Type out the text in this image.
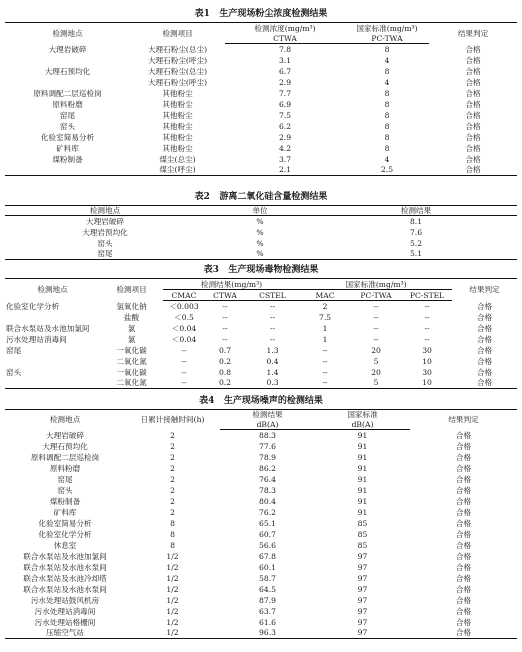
表1   生产现场粉尘浓度检测结果
检测地点	检测项目	检测浓度(mg/m³)	国家标准(mg/m³)	结果判定
		CTWA	PC-TWA	
大理岩破碎	大理石粉尘(总尘)	7.8	8	合格
	大理石粉尘(呼尘)	3.1	4	合格
大理石预均化	大理石粉尘(总尘)	6.7	8	合格
	大理石粉尘(呼尘)	2.9	4	合格
原料调配二层巡检岗	其他粉尘	7.7	8	合格
原料粉磨	其他粉尘	6.9	8	合格
窑尾	其他粉尘	7.5	8	合格
窑头	其他粉尘	6.2	8	合格
化验室简易分析	其他粉尘	2.9	8	合格
矿料库	其他粉尘	4.2	8	合格
煤粉制备	煤尘(总尘)	3.7	4	合格
	煤尘(呼尘)	2.1	2.5	合格
表2   游离二氧化硅含量检测结果
检测地点	单位	检测结果
大理岩破碎	%	8.1
大理岩预均化	%	7.6
窑头	%	5.2
窑尾	%	5.1
表3   生产现场毒物检测结果
检测地点	检测项目	检测结果(mg/m³)			国家标准(mg/m³)			结果判定
		CMAC	CTWA	CSTEL	MAC	PC-TWA	PC-STEL	
化验室化学分析	氢氧化钠	＜0.003	--	--	2	--	--	合格
	盐酸	＜0.5	--	--	7.5	--	--	合格
联合水泵站及水池加氯间	氯	＜0.04	--	--	1	--	--	合格
污水处理站消毒间	氯	＜0.04	--	--	1	--	--	合格
窑尾	一氧化碳	--	0.7	1.3	--	20	30	合格
	二氧化氮	--	0.2	0.4	--	5	10	合格
窑头	一氧化碳	--	0.8	1.4	--	20	30	合格
	二氧化氮	--	0.2	0.3	--	5	10	合格
表4   生产现场噪声的检测结果
检测地点	日累计接触时间(h)	检测结果	国家标准	结果判定
		dB(A)	dB(A)	
大理岩破碎	2	88.3	91	合格
大理石预均化	2	77.6	91	合格
原料调配二层巡检岗	2	78.9	91	合格
原料粉磨	2	86.2	91	合格
窑尾	2	76.4	91	合格
窑头	2	78.3	91	合格
煤粉制备	2	80.4	91	合格
矿料库	2	76.2	91	合格
化验室简易分析	8	65.1	85	合格
化验室化学分析	8	60.7	85	合格
休息室	8	56.6	85	合格
联合水泵站及水池加氯间	1/2	67.8	97	合格
联合水泵站及水池水泵间	1/2	60.1	97	合格
联合水泵站及水池冷却塔	1/2	58.7	97	合格
联合水泵站及水池水泵间	1/2	64.5	97	合格
污水处理站鼓风机房	1/2	87.9	97	合格
污水处理站消毒间	1/2	63.7	97	合格
污水处理站格栅间	1/2	61.6	97	合格
压缩空气站	1/2	96.3	97	合格
